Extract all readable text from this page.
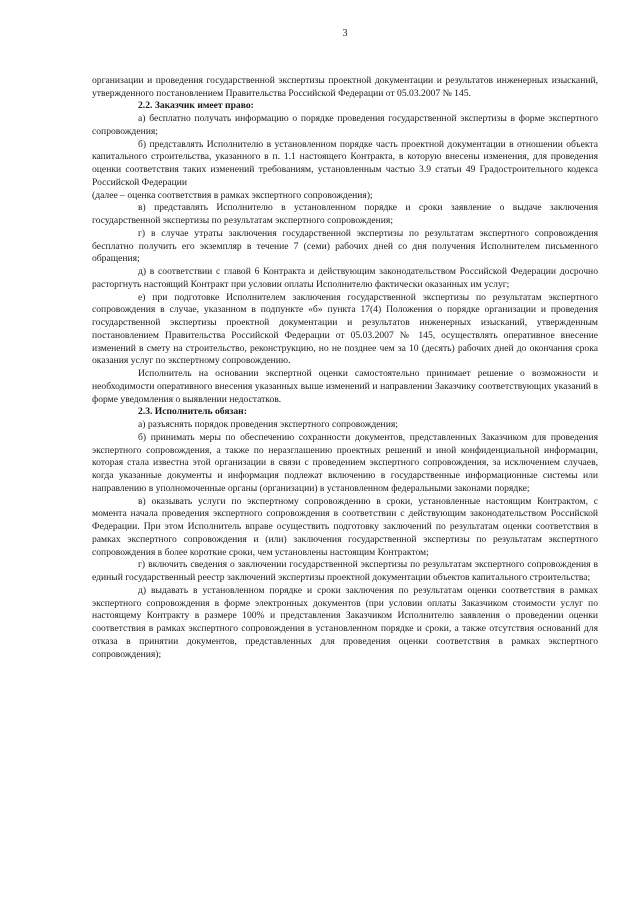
3

организации и проведения государственной экспертизы проектной документации и результатов инженерных изысканий, утвержденного постановлением Правительства Российской Федерации от 05.03.2007 № 145.

2.2. Заказчик имеет право:

а) бесплатно получать информацию о порядке проведения государственной экспертизы в форме экспертного сопровождения;

б) представлять Исполнителю в установленном порядке часть проектной документации в отношении объекта капитального строительства, указанного в п. 1.1 настоящего Контракта, в которую внесены изменения, для проведения оценки соответствия таких изменений требованиям, установленным частью 3.9 статьи 49 Градостроительного кодекса Российской Федерации

(далее – оценка соответствия в рамках экспертного сопровождения);

в) представлять Исполнителю в установленном порядке и сроки заявление о выдаче заключения государственной экспертизы по результатам экспертного сопровождения;

г) в случае утраты заключения государственной экспертизы по результатам экспертного сопровождения бесплатно получить его экземпляр в течение 7 (семи) рабочих дней со дня получения Исполнителем письменного обращения;

д) в соответствии с главой 6 Контракта и действующим законодательством Российской Федерации досрочно расторгнуть настоящий Контракт при условии оплаты Исполнителю фактически оказанных им услуг;

е) при подготовке Исполнителем заключения государственной экспертизы по результатам экспертного сопровождения в случае, указанном в подпункте «б» пункта 17(4) Положения о порядке организации и проведения государственной экспертизы проектной документации и результатов инженерных изысканий, утвержденным постановлением Правительства Российской Федерации от 05.03.2007 № 145, осуществлять оперативное внесение изменений в смету на строительство, реконструкцию, но не позднее чем за 10 (десять) рабочих дней до окончания срока оказания услуг по экспертному сопровождению.

Исполнитель на основании экспертной оценки самостоятельно принимает решение о возможности и необходимости оперативного внесения указанных выше изменений и направлении Заказчику соответствующих указаний в форме уведомления о выявлении недостатков.

2.3. Исполнитель обязан:

а) разъяснять порядок проведения экспертного сопровождения;

б) принимать меры по обеспечению сохранности документов, представленных Заказчиком для проведения экспертного сопровождения, а также по неразглашению проектных решений и иной конфиденциальной информации, которая стала известна этой организации в связи с проведением экспертного сопровождения, за исключением случаев, когда указанные документы и информация подлежат включению в государственные информационные системы или направлению в уполномоченные органы (организации) в установленном федеральными законами порядке;

в) оказывать услуги по экспертному сопровождению в сроки, установленные настоящим Контрактом, с момента начала проведения экспертного сопровождения в соответствии с действующим законодательством Российской Федерации. При этом Исполнитель вправе осуществить подготовку заключений по результатам оценки соответствия в рамках экспертного сопровождения и (или) заключения государственной экспертизы по результатам экспертного сопровождения в более короткие сроки, чем установлены настоящим Контрактом;

г) включить сведения о заключении государственной экспертизы по результатам экспертного сопровождения в единый государственный реестр заключений экспертизы проектной документации объектов капитального строительства;

д) выдавать в установленном порядке и сроки заключения по результатам оценки соответствия в рамках экспертного сопровождения в форме электронных документов (при условии оплаты Заказчиком стоимости услуг по настоящему Контракту в размере 100% и представления Заказчиком Исполнителю заявления о проведении оценки соответствия в рамках экспертного сопровождения в установленном порядке и сроки, а также отсутствия оснований для отказа в принятии документов, представленных для проведения оценки соответствия в рамках экспертного сопровождения);
